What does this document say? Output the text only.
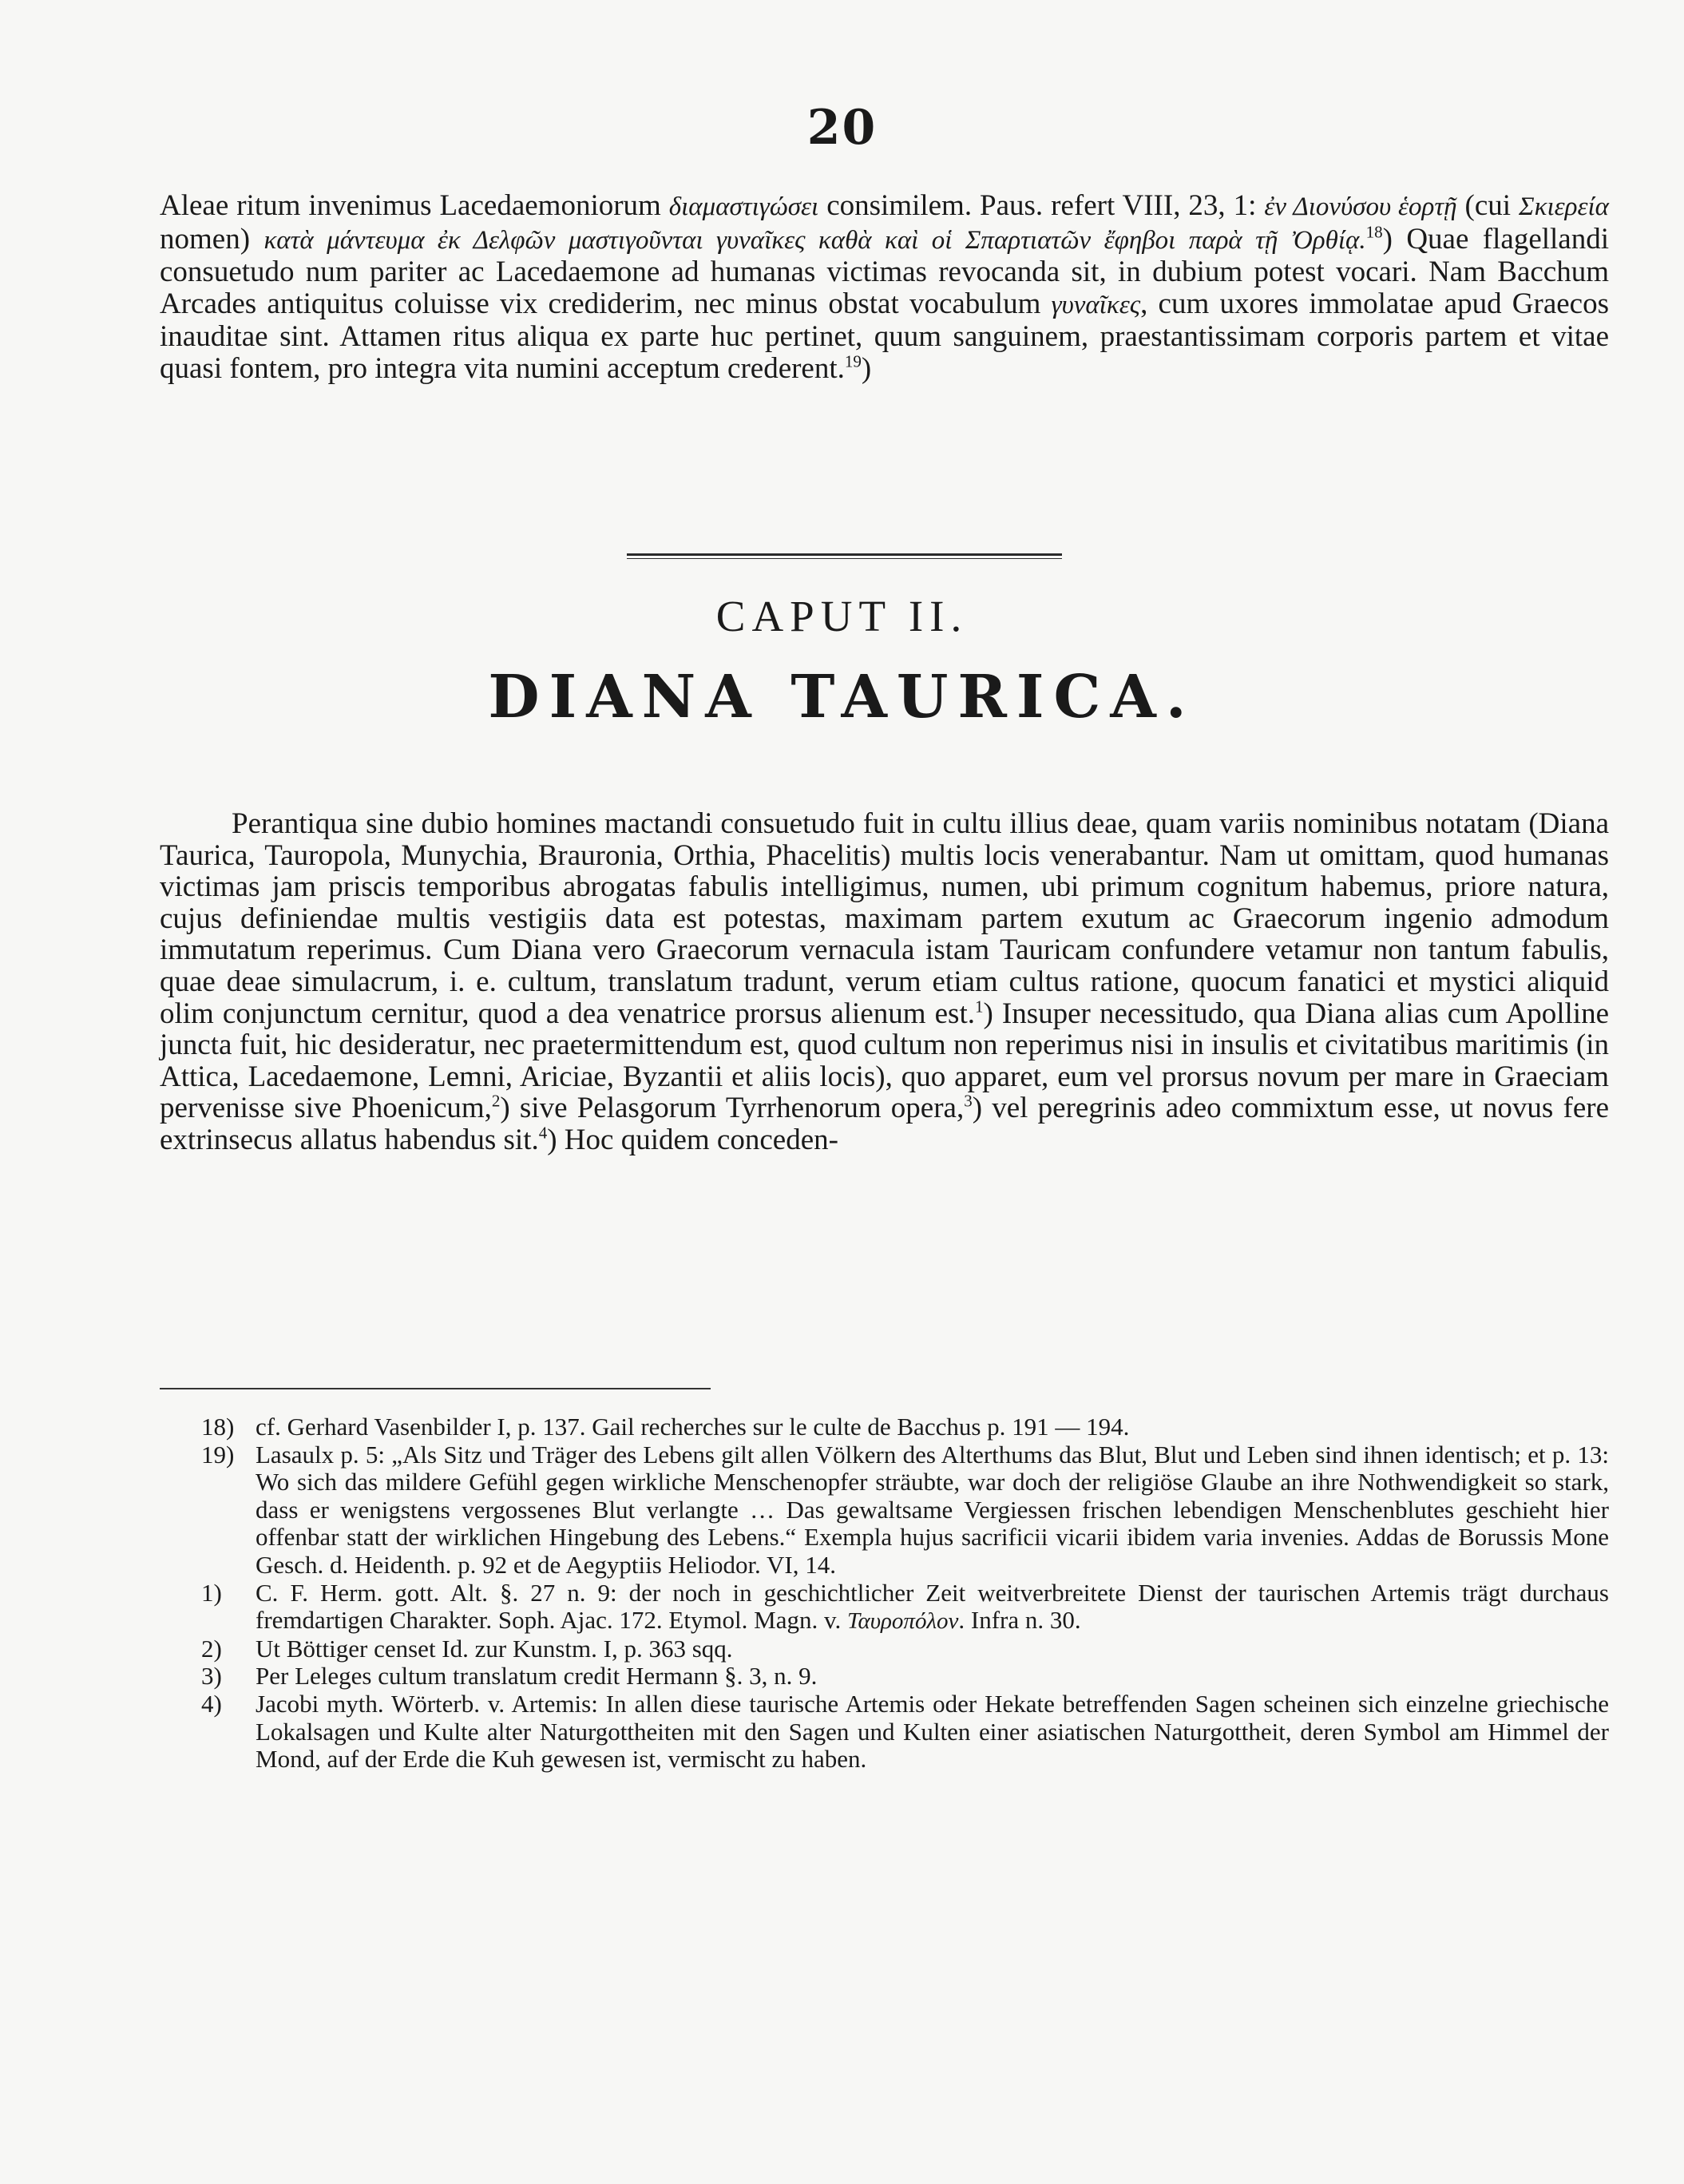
20

Aleae ritum invenimus Lacedaemoniorum διαμαστιγώσει consimilem. Paus. refert VIII, 23, 1: ἐν Διονύσου ἑορτῇ (cui Σκιερεία nomen) κατὰ μάντευμα ἐκ Δελφῶν μαστιγοῦνται γυναῖκες καθὰ καὶ οἱ Σπαρτιατῶν ἔφηβοι παρὰ τῇ Ὀρθίᾳ.$^{18}$) Quae flagellandi consuetudo num pariter ac Lacedaemone ad humanas victimas revocanda sit, in dubium potest vocari. Nam Bacchum Arcades antiquitus coluisse vix crediderim, nec minus obstat vocabulum γυναῖκες, cum uxores immolatae apud Graecos inauditae sint. Attamen ritus aliqua ex parte huc pertinet, quum sanguinem, praestantissimam corporis partem et vitae quasi fontem, pro integra vita numini acceptum crederent.$^{19}$)

CAPUT II.
DIANA TAURICA.

Perantiqua sine dubio homines mactandi consuetudo fuit in cultu illius deae, quam variis nominibus notatam (Diana Taurica, Tauropola, Munychia, Brauronia, Orthia, Phacelitis) multis locis venerabantur. Nam ut omittam, quod humanas victimas jam priscis temporibus abrogatas fabulis intelligimus, numen, ubi primum cognitum habemus, priore natura, cujus definiendae multis vestigiis data est potestas, maximam partem exutum ac Graecorum ingenio admodum immutatum reperimus. Cum Diana vero Graecorum vernacula istam Tauricam confundere vetamur non tantum fabulis, quae deae simulacrum, i. e. cultum, translatum tradunt, verum etiam cultus ratione, quocum fanatici et mystici aliquid olim conjunctum cernitur, quod a dea venatrice prorsus alienum est.$^1$) Insuper necessitudo, qua Diana alias cum Apolline juncta fuit, hic desideratur, nec praetermittendum est, quod cultum non reperimus nisi in insulis et civitatibus maritimis (in Attica, Lacedaemone, Lemni, Ariciae, Byzantii et aliis locis), quo apparet, eum vel prorsus novum per mare in Graeciam pervenisse sive Phoenicum,$^2$) sive Pelasgorum Tyrrhenorum opera,$^3$) vel peregrinis adeo commixtum esse, ut novus fere extrinsecus allatus habendus sit.$^4$) Hoc quidem conceden-

18) cf. Gerhard Vasenbilder I, p. 137. Gail recherches sur le culte de Bacchus p. 191 — 194.

19) Lasaulx p. 5: „Als Sitz und Träger des Lebens gilt allen Völkern des Alterthums das Blut, Blut und Leben sind ihnen identisch; et p. 13: Wo sich das mildere Gefühl gegen wirkliche Menschenopfer sträubte, war doch der religiöse Glaube an ihre Nothwendigkeit so stark, dass er wenigstens vergossenes Blut verlangte … Das gewaltsame Vergiessen frischen lebendigen Menschenblutes geschieht hier offenbar statt der wirklichen Hingebung des Lebens.“ Exempla hujus sacrificii vicarii ibidem varia invenies. Addas de Borussis Mone Gesch. d. Heidenth. p. 92 et de Aegyptiis Heliodor. VI, 14.

1) C. F. Herm. gott. Alt. §. 27 n. 9: der noch in geschichtlicher Zeit weitverbreitete Dienst der taurischen Artemis trägt durchaus fremdartigen Charakter. Soph. Ajac. 172. Etymol. Magn. v. Ταυροπόλον. Infra n. 30.

2) Ut Böttiger censet Id. zur Kunstm. I, p. 363 sqq.

3) Per Leleges cultum translatum credit Hermann §. 3, n. 9.

4) Jacobi myth. Wörterb. v. Artemis: In allen diese taurische Artemis oder Hekate betreffenden Sagen scheinen sich einzelne griechische Lokalsagen und Kulte alter Naturgottheiten mit den Sagen und Kulten einer asiatischen Naturgottheit, deren Symbol am Himmel der Mond, auf der Erde die Kuh gewesen ist, vermischt zu haben.
